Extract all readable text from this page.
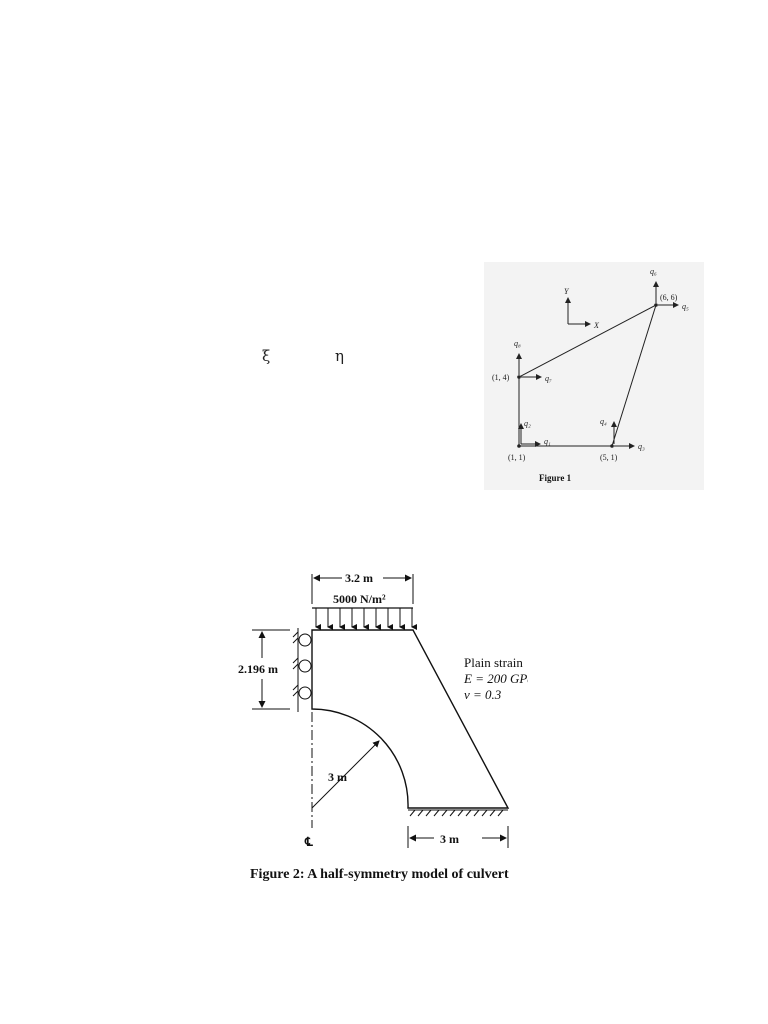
ξ	η
Y
X
(1, 1)	(5, 1)
(6, 6)
(1, 4)
q₁
q₂
q₃
q₄
q₅
q₆
q₇
q₈
Figure 1
3.2 m
5000 N/m²
2.196 m	Plain strain
E = 200 GPa
v = 0.3
℄
3 m
3 m
Figure 2: A half-symmetry model of culvert
